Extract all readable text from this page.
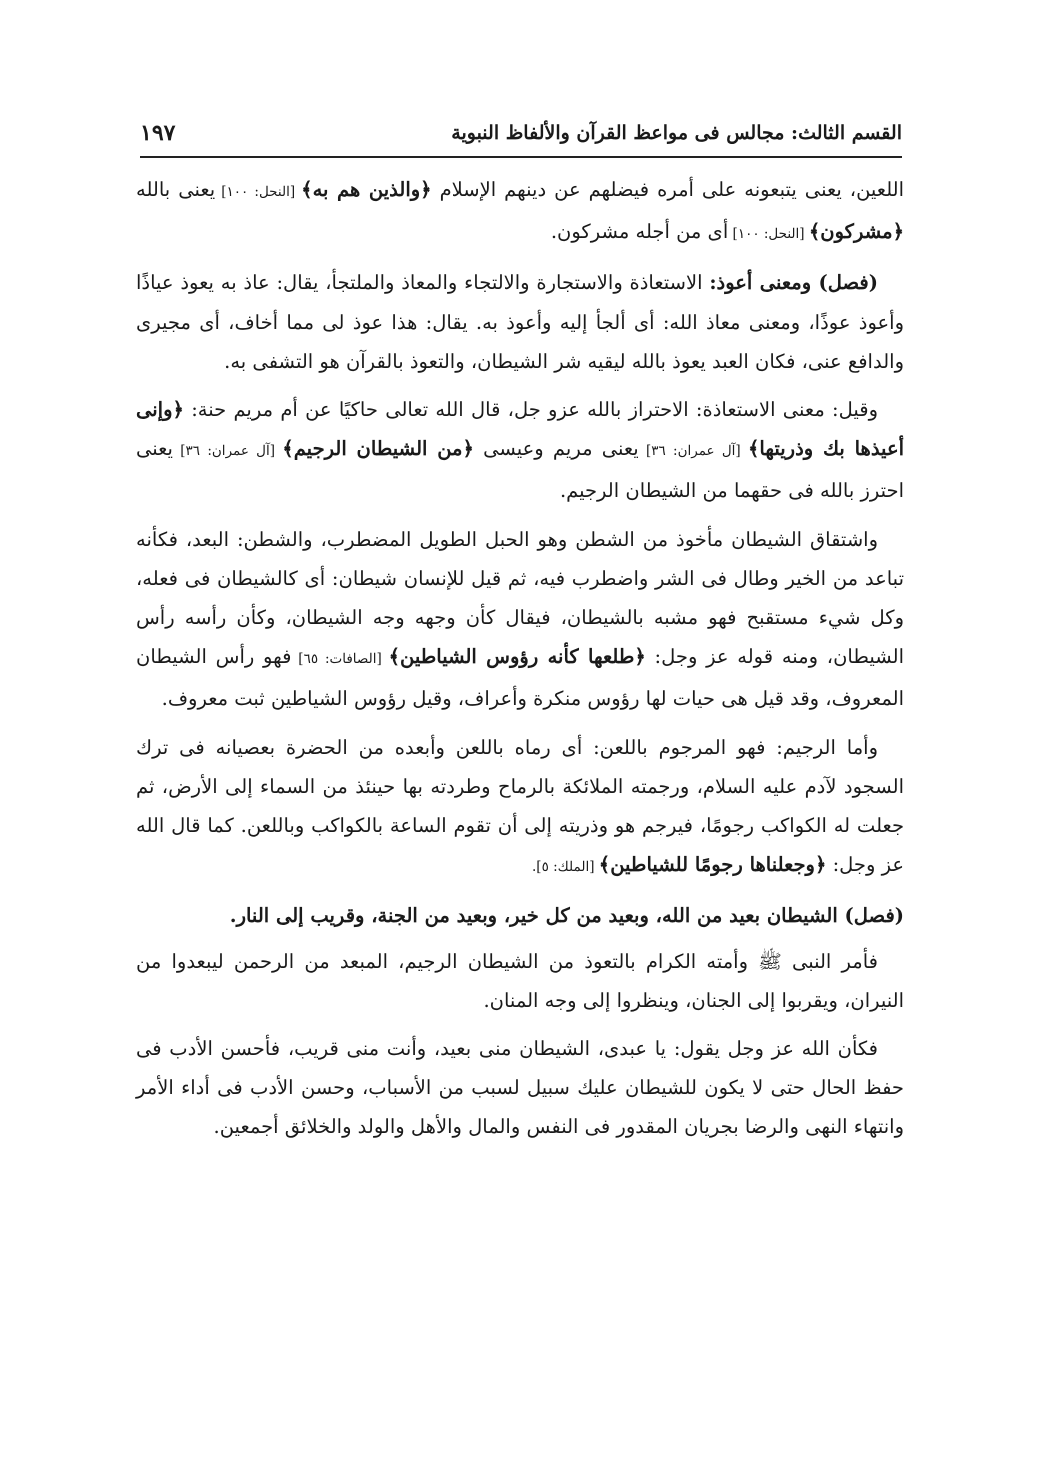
القسم الثالث: مجالس فى مواعظ القرآن والألفاظ النبوية
١٩٧

اللعين، يعنى يتبعونه على أمره فيضلهم عن دينهم الإسلام ﴿والذين هم به﴾ [النحل: ١٠٠] يعنى بالله ﴿مشركون﴾ [النحل: ١٠٠] أى من أجله مشركون.

(فصل) ومعنى أعوذ: الاستعاذة والاستجارة والالتجاء والمعاذ والملتجأ، يقال: عاذ به يعوذ عياذًا وأعوذ عوذًا، ومعنى معاذ الله: أى ألجأ إليه وأعوذ به. يقال: هذا عوذ لى مما أخاف، أى مجيرى والدافع عنى، فكان العبد يعوذ بالله ليقيه شر الشيطان، والتعوذ بالقرآن هو التشفى به.

وقيل: معنى الاستعاذة: الاحتراز بالله عزو جل، قال الله تعالى حاكيًا عن أم مريم حنة: ﴿وإنى أعيذها بك وذريتها﴾ [آل عمران: ٣٦] يعنى مريم وعيسى ﴿من الشيطان الرجيم﴾ [آل عمران: ٣٦] يعنى احترز بالله فى حقهما من الشيطان الرجيم.

واشتقاق الشيطان مأخوذ من الشطن وهو الحبل الطويل المضطرب، والشطن: البعد، فكأنه تباعد من الخير وطال فى الشر واضطرب فيه، ثم قيل للإنسان شيطان: أى كالشيطان فى فعله، وكل شيء مستقبح فهو مشبه بالشيطان، فيقال كأن وجهه وجه الشيطان، وكأن رأسه رأس الشيطان، ومنه قوله عز وجل: ﴿طلعها كأنه رؤوس الشياطين﴾ [الصافات: ٦٥] فهو رأس الشيطان المعروف، وقد قيل هى حيات لها رؤوس منكرة وأعراف، وقيل رؤوس الشياطين ثبت معروف.

وأما الرجيم: فهو المرجوم باللعن: أى رماه باللعن وأبعده من الحضرة بعصيانه فى ترك السجود لآدم عليه السلام، ورجمته الملائكة بالرماح وطردته بها حينئذ من السماء إلى الأرض، ثم جعلت له الكواكب رجومًا، فيرجم هو وذريته إلى أن تقوم الساعة بالكواكب وباللعن. كما قال الله عز وجل: ﴿وجعلناها رجومًا للشياطين﴾ [الملك: ٥].

(فصل) الشيطان بعيد من الله، وبعيد من كل خير، وبعيد من الجنة، وقريب إلى النار.

فأمر النبى ﷺ وأمته الكرام بالتعوذ من الشيطان الرجيم، المبعد من الرحمن ليبعدوا من النيران، ويقربوا إلى الجنان، وينظروا إلى وجه المنان.

فكأن الله عز وجل يقول: يا عبدى، الشيطان منى بعيد، وأنت منى قريب، فأحسن الأدب فى حفظ الحال حتى لا يكون للشيطان عليك سبيل لسبب من الأسباب، وحسن الأدب فى أداء الأمر وانتهاء النهى والرضا بجريان المقدور فى النفس والمال والأهل والولد والخلائق أجمعين.
